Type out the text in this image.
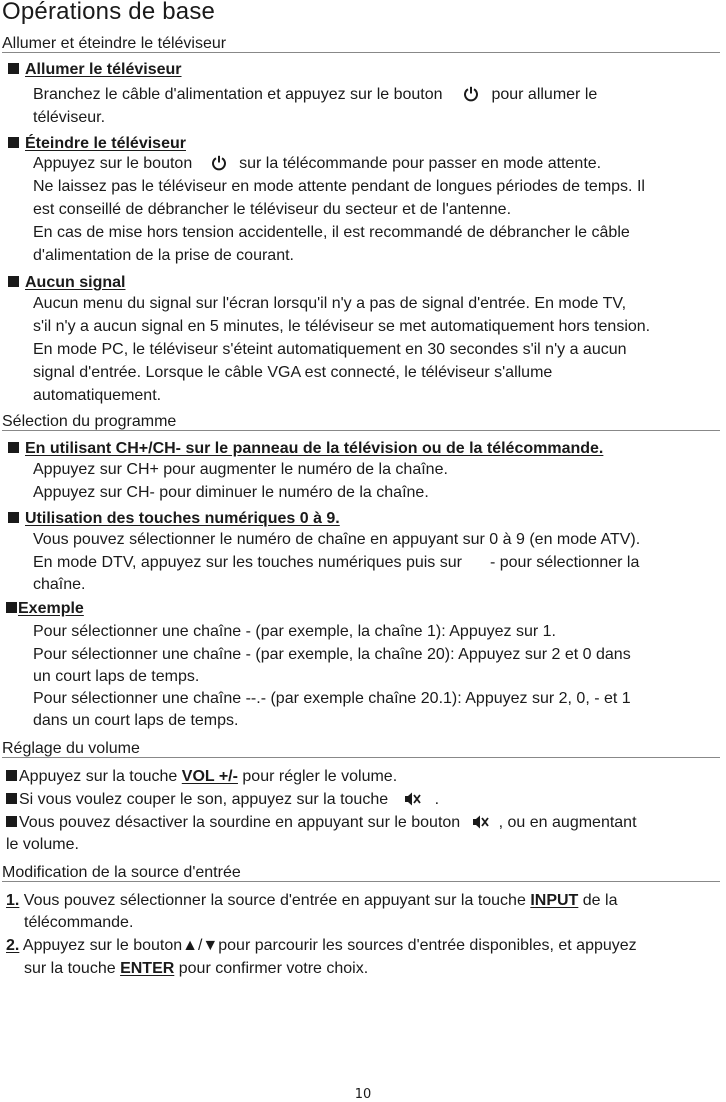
Opérations de base
Allumer et éteindre le téléviseur
Allumer le téléviseur
Branchez le câble d'alimentation et appuyez sur le bouton	pour allumer le
téléviseur.
Éteindre le téléviseur
Appuyez sur le bouton	sur la télécommande pour passer en mode attente.
Ne laissez pas le téléviseur en mode attente pendant de longues périodes de temps. Il
est conseillé de débrancher le téléviseur du secteur et de l'antenne.
En cas de mise hors tension accidentelle, il est recommandé de débrancher le câble
d'alimentation de la prise de courant.
Aucun signal
Aucun menu du signal sur l'écran lorsqu'il n'y a pas de signal d'entrée. En mode TV,
s'il n'y a aucun signal en 5 minutes, le téléviseur se met automatiquement hors tension.
En mode PC, le téléviseur s'éteint automatiquement en 30 secondes s'il n'y a aucun
signal d'entrée. Lorsque le câble VGA est connecté, le téléviseur s'allume
automatiquement.
Sélection du programme
En utilisant CH+/CH- sur le panneau de la télévision ou de la télécommande.
Appuyez sur CH+ pour augmenter le numéro de la chaîne.
Appuyez sur CH- pour diminuer le numéro de la chaîne.
Utilisation des touches numériques 0 à 9.
Vous pouvez sélectionner le numéro de chaîne en appuyant sur 0 à 9 (en mode ATV).
En mode DTV, appuyez sur les touches numériques puis sur - pour sélectionner la
chaîne.
Exemple
Pour sélectionner une chaîne - (par exemple, la chaîne 1): Appuyez sur 1.
Pour sélectionner une chaîne - (par exemple, la chaîne 20): Appuyez sur 2 et 0 dans
un court laps de temps.
Pour sélectionner une chaîne --.- (par exemple chaîne 20.1): Appuyez sur 2, 0, - et 1
dans un court laps de temps.
Réglage du volume
Appuyez sur la touche VOL +/- pour régler le volume.
Si vous voulez couper le son, appuyez sur la touche	.
Vous pouvez désactiver la sourdine en appuyant sur le bouton , ou en augmentant
le volume.
Modification de la source d'entrée
1. Vous pouvez sélectionner la source d'entrée en appuyant sur la touche INPUT de la
télécommande.
2. Appuyez sur le bouton▲/▼pour parcourir les sources d'entrée disponibles, et appuyez
sur la touche ENTER pour confirmer votre choix.
10
